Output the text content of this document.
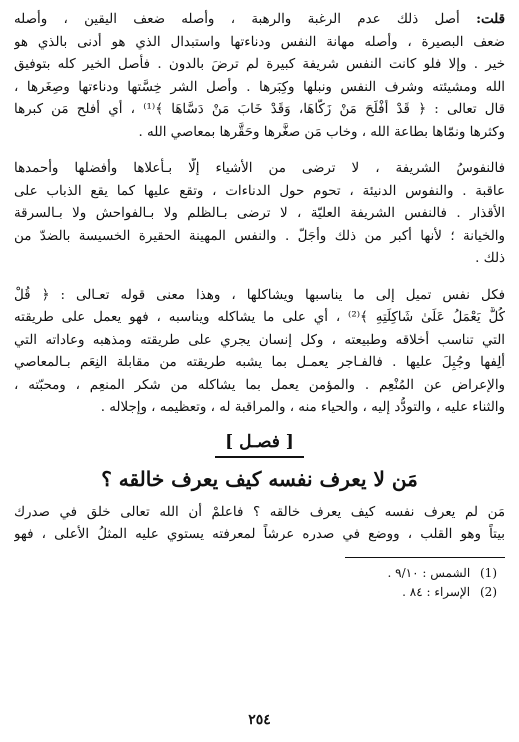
قلت: أصل ذلك عدم الرغبة والرهبة ، وأصله ضعف اليقين ، وأصله
ضعف البصيرة ، وأصله مهانة النفس ودناءتها واستبدال الذي هو أدنى بالذي هو
خير . وإلا فلو كانت النفس شريفة كبيرة لم ترضَ بالدون . فأصل الخير كله بتوفيق
الله ومشيئته وشرف النفس ونبلها وكِبَرها . وأصل الشر خِسَّتها ودناءتها وصِغَرها ،
قال تعالى : ﴿ قَدْ أَفْلَحَ مَنْ زَكَّاهَا، وَقَدْ خَابَ مَنْ دَسَّاهَا ﴾⁽¹⁾ ، أي أفلح مَن كبرها
وكثرها ونمّاها بطاعة الله ، وخاب مَن صغَّرها وحَقَّرها بمعاصي الله .

فالنفوسُ الشريفة ، لا ترضى من الأشياء إلَّا بـأعلاها وأفضلها وأحمدها
عاقبة . والنفوس الدنيئة ، تحوم حول الدناءات ، وتقع عليها كما يقع الذباب على
الأقذار . فالنفس الشريفة العليّة ، لا ترضى بـالظلم ولا بـالفواحش ولا بـالسرقة
والخيانة ؛ لأنها أكبر من ذلك وأجَلّ . والنفس المهينة الحقيرة الخسيسة بالضدّ من
ذلك .

فكل نفس تميل إلى ما يناسبها ويشاكلها ، وهذا معنى قوله تعـالى : ﴿ قُلْ
كُلٌّ يَعْمَلُ عَلَىٰ شَاكِلَتِهِ ﴾⁽²⁾ ، أي على ما يشاكله ويناسبه ، فهو يعمل على طريقته
التي تناسب أخلاقه وطبيعته ، وكل إنسان يجري على طريقته ومذهبه وعاداته التي
أَلِفها وجُبِلَ عليها . فالفـاجر يعمـل بما يشبه طريقته من مقابلة النِعَم بـالمعاصي
والإعراض عن المُنْعِم . والمؤمن يعمل بما يشاكله من شكر المنعِم ، ومحبّته ،
والثناء عليه ، والتودُّد إليه ، والحياء منه ، والمراقبة له ، وتعظيمه ، وإجلاله .

[ فصـل ]
مَن لا يعرف نفسه كيف يعرف خالقه ؟

مَن لم يعرف نفسه كيف يعرف خالقه ؟ فاعلمْ أن الله تعالى خلق في صدرك
بيتاً وهو القلب ، ووضع في صدره عرشاً لمعرفته يستوي عليه المثلُ الأعلى ، فهو

(1) الشمس : ٩/١٠ .
(2) الإسراء : ٨٤ .
٢٥٤
